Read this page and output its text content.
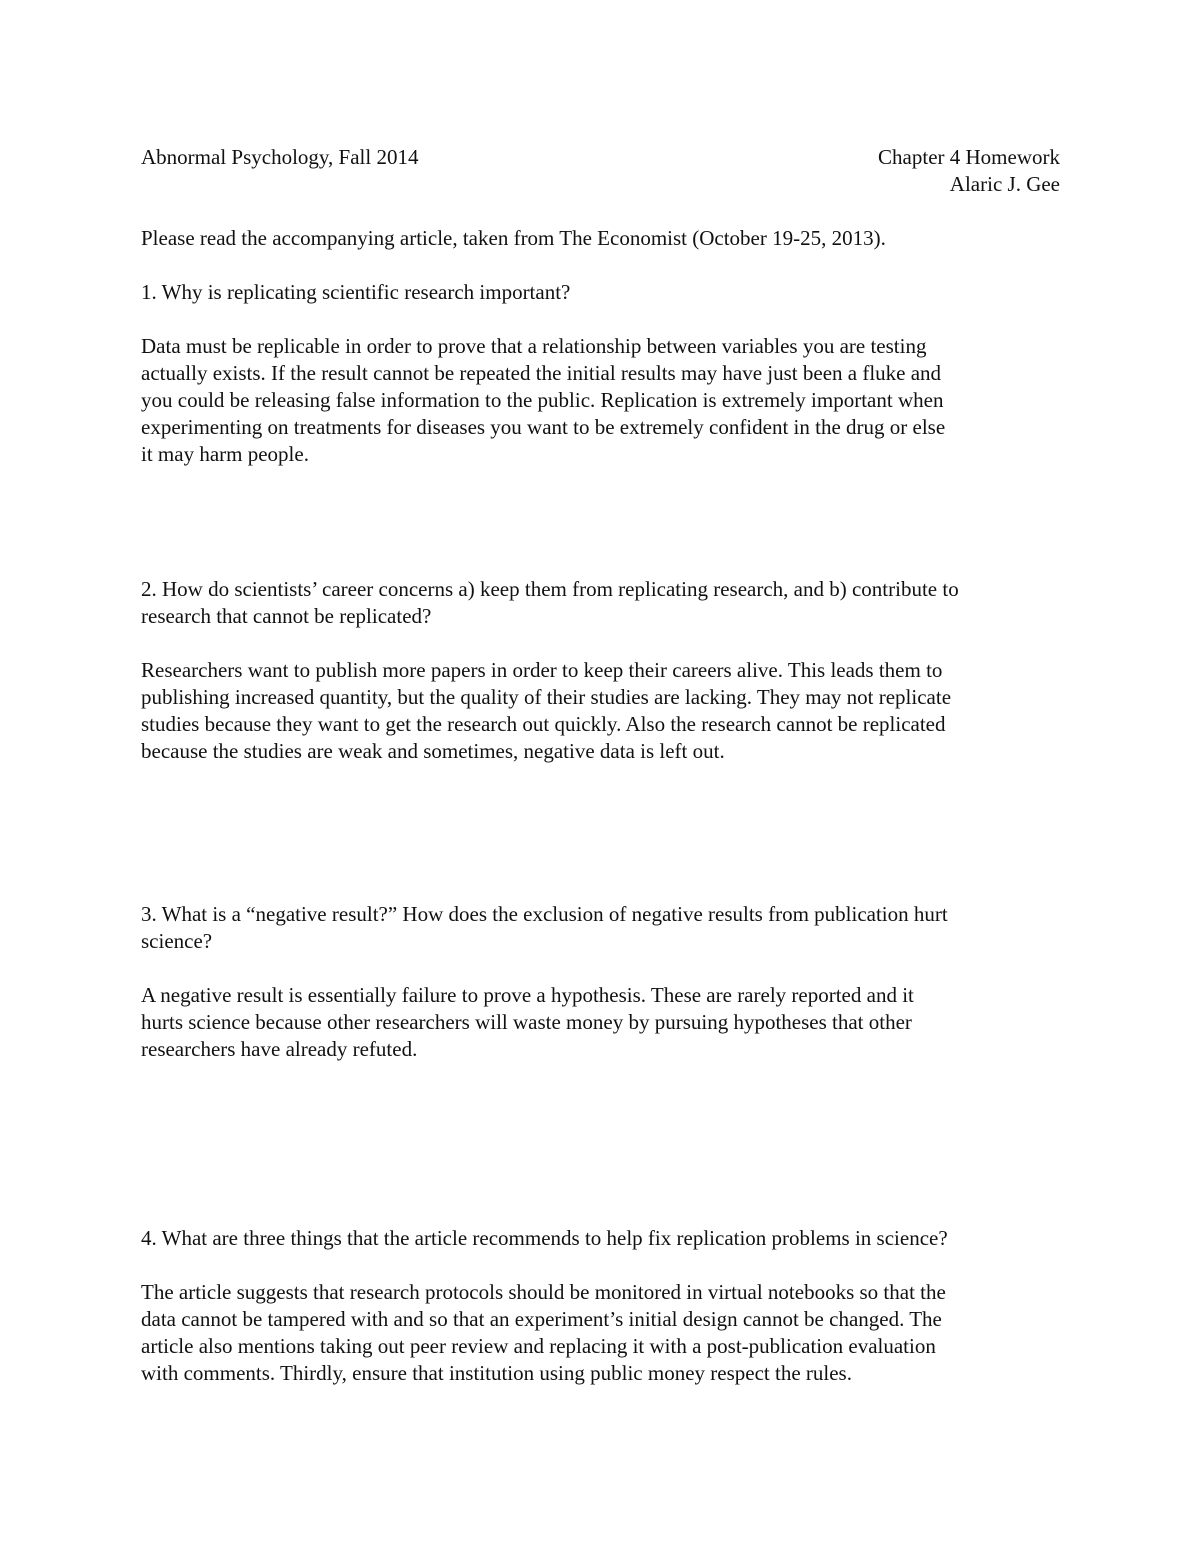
Abnormal Psychology, Fall 2014	Chapter 4 Homework
Alaric J. Gee
Please read the accompanying article, taken from The Economist (October 19-25, 2013).
1. Why is replicating scientific research important?
Data must be replicable in order to prove that a relationship between variables you are testing
actually exists. If the result cannot be repeated the initial results may have just been a fluke and
you could be releasing false information to the public. Replication is extremely important when
experimenting on treatments for diseases you want to be extremely confident in the drug or else
it may harm people.
2. How do scientists’ career concerns a) keep them from replicating research, and b) contribute to
research that cannot be replicated?
Researchers want to publish more papers in order to keep their careers alive. This leads them to
publishing increased quantity, but the quality of their studies are lacking. They may not replicate
studies because they want to get the research out quickly. Also the research cannot be replicated
because the studies are weak and sometimes, negative data is left out.
3. What is a “negative result?” How does the exclusion of negative results from publication hurt
science?
A negative result is essentially failure to prove a hypothesis. These are rarely reported and it
hurts science because other researchers will waste money by pursuing hypotheses that other
researchers have already refuted.
4. What are three things that the article recommends to help fix replication problems in science?
The article suggests that research protocols should be monitored in virtual notebooks so that the
data cannot be tampered with and so that an experiment’s initial design cannot be changed. The
article also mentions taking out peer review and replacing it with a post-publication evaluation
with comments. Thirdly, ensure that institution using public money respect the rules.
